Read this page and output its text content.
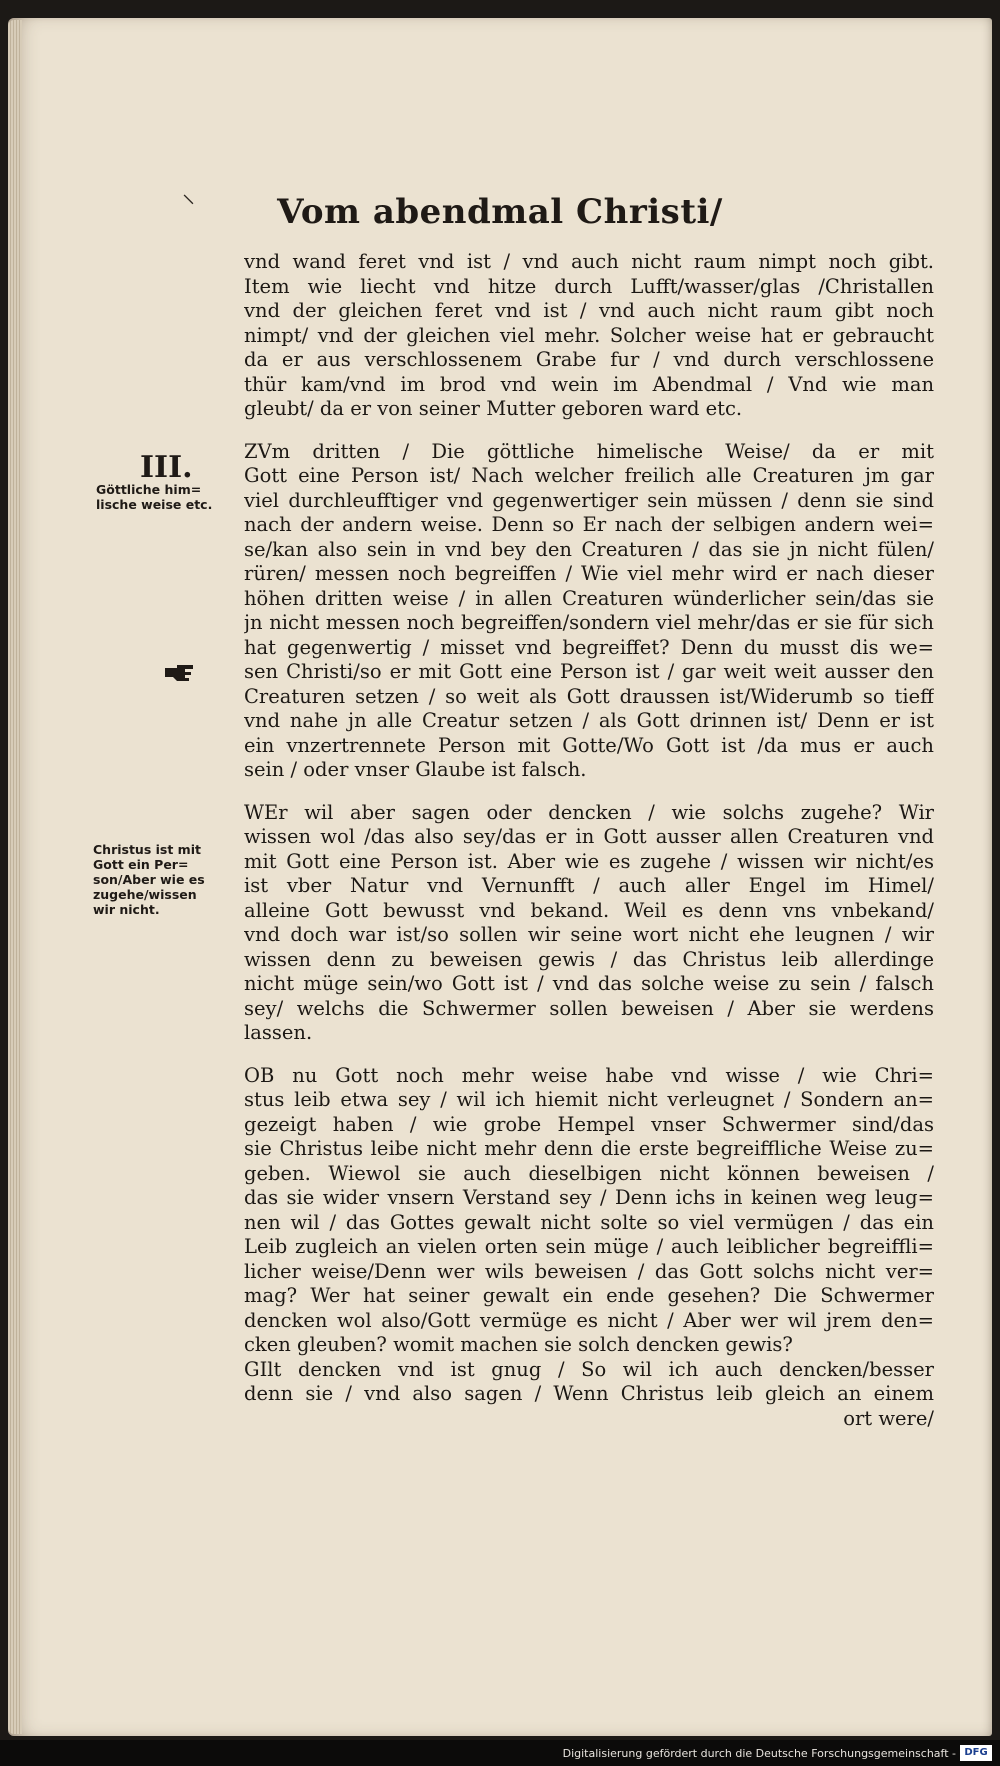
⸌	Vom abendmal Christi/
III.
Göttliche him=
lische weise etc.
Christus ist mit
Gott ein Per=
son/Aber wie es
zugehe/wissen
wir nicht.
vnd wand feret vnd ist / vnd auch nicht raum nimpt noch gibt.
Item wie liecht vnd hitze durch Lufft/wasser/glas /Christallen
vnd der gleichen feret vnd ist / vnd auch nicht raum gibt noch
nimpt/ vnd der gleichen viel mehr. Solcher weise hat er gebraucht
da er aus verschlossenem Grabe fur / vnd durch verschlossene
thür kam/vnd im brod vnd wein im Abendmal / Vnd wie man
gleubt/ da er von seiner Mutter geboren ward etc.
ZVm dritten / Die göttliche himelische Weise/ da er mit
Gott eine Person ist/ Nach welcher freilich alle Creaturen jm gar
viel durchleufftiger vnd gegenwertiger sein müssen / denn sie sind
nach der andern weise. Denn so Er nach der selbigen andern wei=
se/kan also sein in vnd bey den Creaturen / das sie jn nicht fülen/
rüren/ messen noch begreiffen / Wie viel mehr wird er nach dieser
höhen dritten weise / in allen Creaturen wünderlicher sein/das sie
jn nicht messen noch begreiffen/sondern viel mehr/das er sie für sich
hat gegenwertig / misset vnd begreiffet? Denn du musst dis we=
sen Christi/so er mit Gott eine Person ist / gar weit weit ausser den
Creaturen setzen / so weit als Gott draussen ist/Widerumb so tieff
vnd nahe jn alle Creatur setzen / als Gott drinnen ist/ Denn er ist
ein vnzertrennete Person mit Gotte/Wo Gott ist /da mus er auch
sein / oder vnser Glaube ist falsch.
WEr wil aber sagen oder dencken / wie solchs zugehe? Wir
wissen wol /das also sey/das er in Gott ausser allen Creaturen vnd
mit Gott eine Person ist. Aber wie es zugehe / wissen wir nicht/es
ist vber Natur vnd Vernunfft / auch aller Engel im Himel/
alleine Gott bewusst vnd bekand. Weil es denn vns vnbekand/
vnd doch war ist/so sollen wir seine wort nicht ehe leugnen / wir
wissen denn zu beweisen gewis / das Christus leib allerdinge
nicht müge sein/wo Gott ist / vnd das solche weise zu sein / falsch
sey/ welchs die Schwermer sollen beweisen / Aber sie werdens
lassen.
OB nu Gott noch mehr weise habe vnd wisse / wie Chri=
stus leib etwa sey / wil ich hiemit nicht verleugnet / Sondern an=
gezeigt haben / wie grobe Hempel vnser Schwermer sind/das
sie Christus leibe nicht mehr denn die erste begreiffliche Weise zu=
geben. Wiewol sie auch dieselbigen nicht können beweisen /
das sie wider vnsern Verstand sey / Denn ichs in keinen weg leug=
nen wil / das Gottes gewalt nicht solte so viel vermügen / das ein
Leib zugleich an vielen orten sein müge / auch leiblicher begreiffli=
licher weise/Denn wer wils beweisen / das Gott solchs nicht ver=
mag? Wer hat seiner gewalt ein ende gesehen? Die Schwermer
dencken wol also/Gott vermüge es nicht / Aber wer wil jrem den=
cken gleuben? womit machen sie solch dencken gewis?
GIlt dencken vnd ist gnug / So wil ich auch dencken/besser
denn sie / vnd also sagen / Wenn Christus leib gleich an einem
ort were/
Digitalisierung gefördert durch die Deutsche Forschungsgemeinschaft - DFG
